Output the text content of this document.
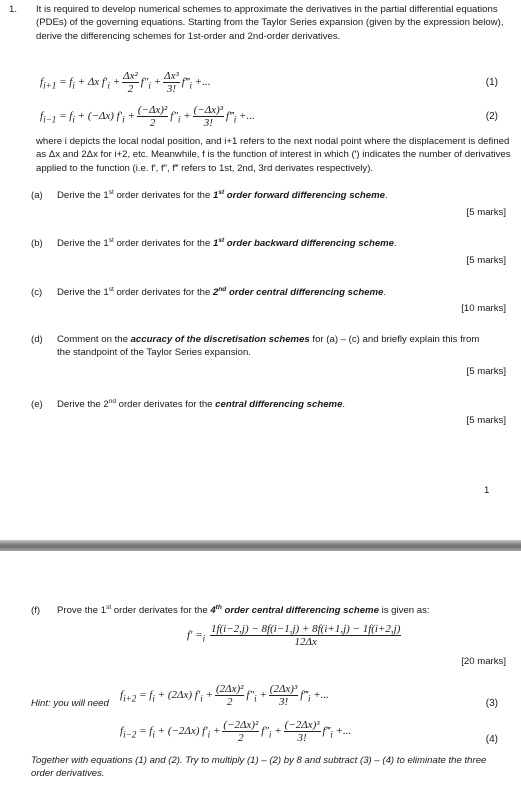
1. It is required to develop numerical schemes to approximate the derivatives in the partial differential equations (PDEs) of the governing equations. Starting from the Taylor Series expansion (given by the expression below), derive the differencing schemes for 1st-order and 2nd-order derivatives.
$f_{i+1} = f_i + \Delta x$ $f'_i + \frac{\text{Δx²}}{2} f''_i + \frac{\text{Δx³}}{3!}$ $f‴_i$ +...	(1)
$f_{i-1} = f_i + (-\Delta x) f'_i + \frac{\text{(−Δx)²}}{2} f''_i + \frac{\text{(−Δx)³}}{3!}$ $f‴_i$ +...	(2)
where i depicts the local nodal position, and i+1 refers to the next nodal point where the displacement is defined as Δx and 2Δx for i+2, etc. Meanwhile, f is the function of interest in which (′) indicates the number of derivatives applied to the function (i.e. f′, f″, f‴ refers to 1st, 2nd, 3rd derivates respectively).
(a) Derive the 1st order derivates for the 1st order forward differencing scheme.
[5 marks]
(b) Derive the 1st order derivates for the 1st order backward differencing scheme.
[5 marks]
(c) Derive the 1st order derivates for the 2nd order central differencing scheme.
[10 marks]
(d) Comment on the accuracy of the discretisation schemes for (a) – (c) and briefly explain this from
the standpoint of the Taylor Series expansion.
[5 marks]
(e) Derive the 2nd order derivates for the central differencing scheme.
[5 marks]
1
(f) Prove the 1st order derivates for the 4th order central differencing scheme is given as:
$f' =_i \frac{1f(i-2,j) - 8f(i-1,j) + 8f(i+1,j) - 1f(i+2,j)}{12\Delta x}$
[20 marks]
Hint: you will need
$f_{i+2} = f_i + (2\Delta x) f'_i + \frac{\text{(2Δx)²}}{2} f''_i + \frac{\text{(2Δx)³}}{3!}$ $f‴_i$ +...
(3)
$f_{i-2} = f_i + (-2\Delta x) f'_i + \frac{\text{(−2Δx)²}}{2} f''_i + \frac{\text{(−2Δx)³}}{3!}$ $f‴_i$ +...
(4)
Together with equations (1) and (2). Try to multiply (1) – (2) by 8 and subtract (3) – (4) to eliminate the three order derivatives.
